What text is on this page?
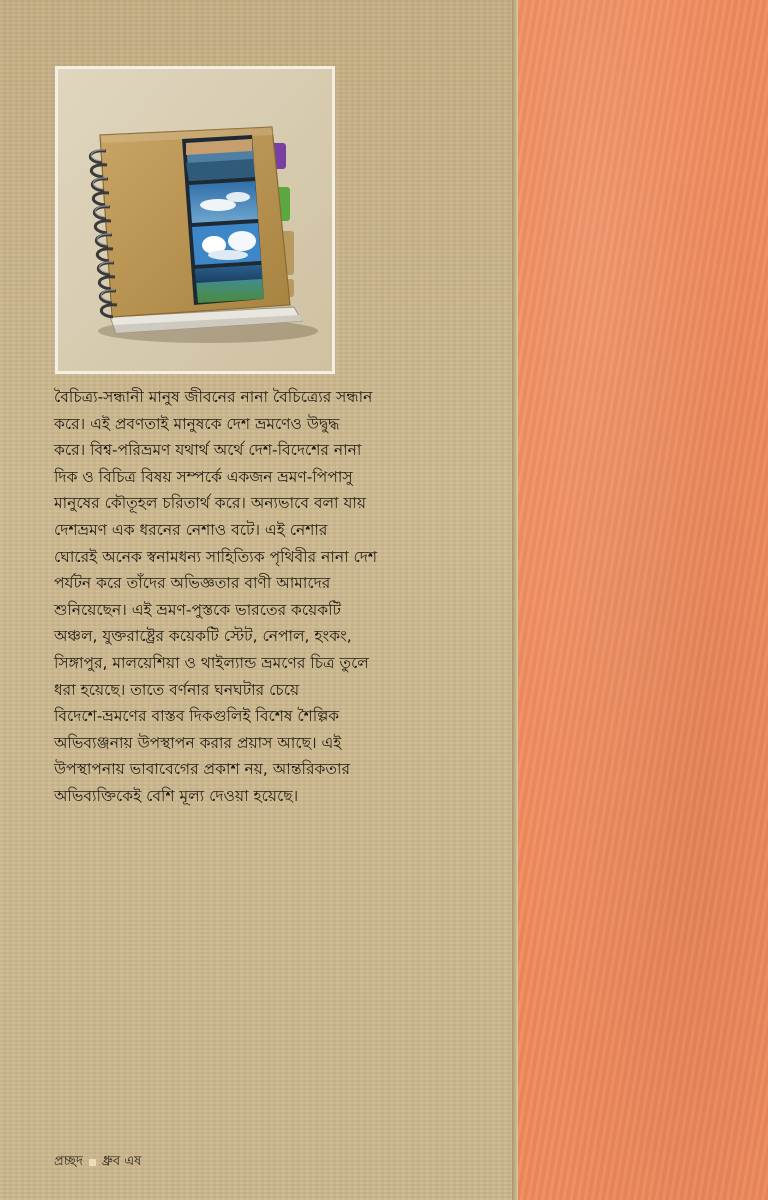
বৈচিত্র্য-সন্ধানী মানুষ জীবনের নানা বৈচিত্র্যের সন্ধান
করে। এই প্রবণতাই মানুষকে দেশ ভ্রমণেও উদ্বুদ্ধ
করে। বিশ্ব-পরিভ্রমণ যথার্থ অর্থে দেশ-বিদেশের নানা
দিক ও বিচিত্র বিষয় সম্পর্কে একজন ভ্রমণ-পিপাসু
মানুষের কৌতূহল চরিতার্থ করে। অন্যভাবে বলা যায়
দেশভ্রমণ এক ধরনের নেশাও বটে। এই নেশার
ঘোরেই অনেক স্বনামধন্য সাহিত্যিক পৃথিবীর নানা দেশ
পর্যটন করে তাঁদের অভিজ্ঞতার বাণী আমাদের
শুনিয়েছেন। এই ভ্রমণ-পুস্তকে ভারতের কয়েকটি
অঞ্চল, যুক্তরাষ্ট্রের কয়েকটি স্টেট, নেপাল, হংকং,
সিঙ্গাপুর, মালয়েশিয়া ও থাইল্যান্ড ভ্রমণের চিত্র তুলে
ধরা হয়েছে। তাতে বর্ণনার ঘনঘটার চেয়ে
বিদেশে-ভ্রমণের বাস্তব দিকগুলিই বিশেষ শৈল্পিক
অভিব্যঞ্জনায় উপস্থাপন করার প্রয়াস আছে। এই
উপস্থাপনায় ভাবাবেগের প্রকাশ নয়, আন্তরিকতার
অভিব্যক্তিকেই বেশি মূল্য দেওয়া হয়েছে।
প্রচ্ছদ ধ্রুব এষ
